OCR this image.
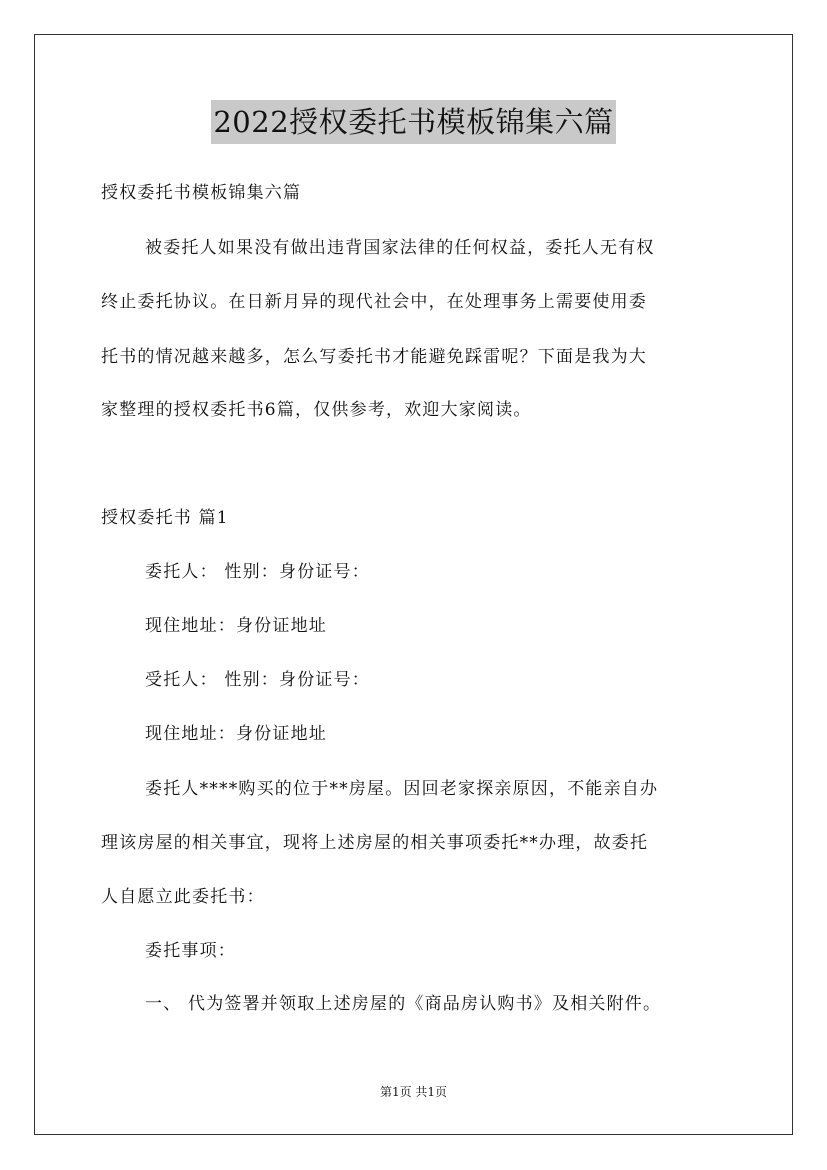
2022授权委托书模板锦集六篇
授权委托书模板锦集六篇
被委托人如果没有做出违背国家法律的任何权益，委托人无有权
终止委托协议。在日新月异的现代社会中，在处理事务上需要使用委
托书的情况越来越多，怎么写委托书才能避免踩雷呢？下面是我为大
家整理的授权委托书6篇，仅供参考，欢迎大家阅读。
授权委托书 篇1
委托人： 性别：身份证号：
现住地址：身份证地址
受托人： 性别：身份证号：
现住地址：身份证地址
委托人****购买的位于**房屋。因回老家探亲原因，不能亲自办
理该房屋的相关事宜，现将上述房屋的相关事项委托**办理，故委托
人自愿立此委托书：
委托事项：
一、 代为签署并领取上述房屋的《商品房认购书》及相关附件。
第1页 共1页
